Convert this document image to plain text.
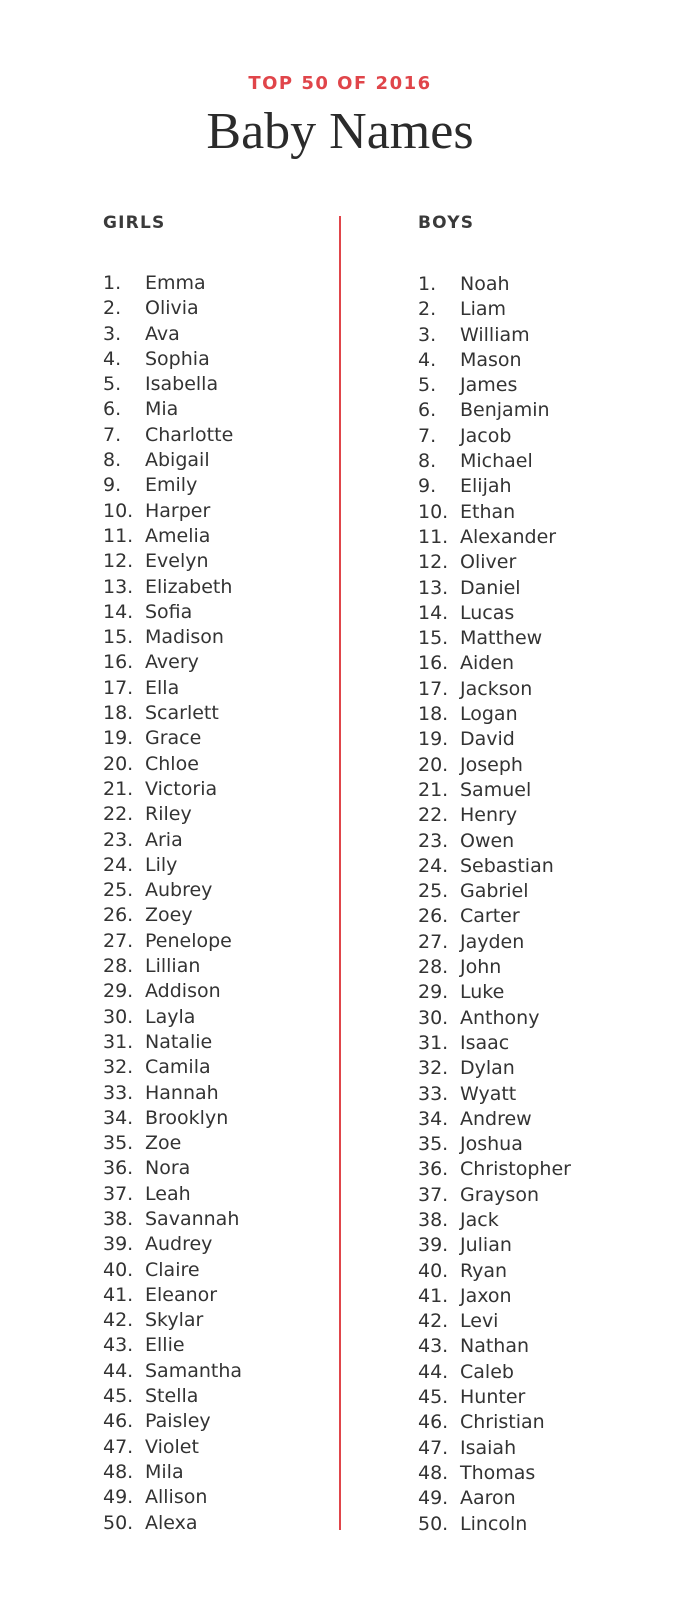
TOP 50 OF 2016

Baby Names
GIRLS	BOYS
1.	Emma
2.	Olivia
3.	Ava
4.	Sophia
5.	Isabella
6.	Mia
7.	Charlotte
8.	Abigail
9.	Emily
10. Harper
11. Amelia
12. Evelyn
13. Elizabeth
14. Sofia
15. Madison
16. Avery
17. Ella
18. Scarlett
19. Grace
20. Chloe
21. Victoria
22. Riley
23. Aria
24. Lily
25. Aubrey
26. Zoey
27. Penelope
28. Lillian
29. Addison
30. Layla
31. Natalie
32. Camila
33. Hannah
34. Brooklyn
35. Zoe
36. Nora
37. Leah
38. Savannah
39. Audrey
40. Claire
41. Eleanor
42. Skylar
43. Ellie
44. Samantha
45. Stella
46. Paisley
47. Violet
48. Mila
49. Allison
50. Alexa
1.	Noah
2.	Liam
3.	William
4.	Mason
5.	James
6.	Benjamin
7.	Jacob
8.	Michael
9.	Elijah
10. Ethan
11. Alexander
12. Oliver
13. Daniel
14. Lucas
15. Matthew
16. Aiden
17. Jackson
18. Logan
19. David
20. Joseph
21. Samuel
22. Henry
23. Owen
24. Sebastian
25. Gabriel
26. Carter
27. Jayden
28. John
29. Luke
30. Anthony
31. Isaac
32. Dylan
33. Wyatt
34. Andrew
35. Joshua
36. Christopher
37. Grayson
38. Jack
39. Julian
40. Ryan
41. Jaxon
42. Levi
43. Nathan
44. Caleb
45. Hunter
46. Christian
47. Isaiah
48. Thomas
49. Aaron
50. Lincoln
